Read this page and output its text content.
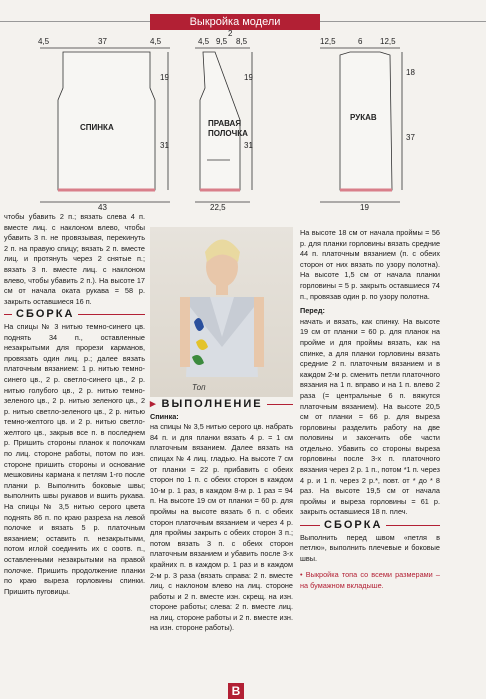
Выкройка модели
4,5	37	4,5
19
31
43
СПИНКА
2
4,5 9,5 8,5
19
31
22,5
ПРАВАЯ
ПОЛОЧКА
12,5	6 12,5
18
37
19
РУКАВ

чтобы убавить 2 п.; вязать слева 4 п. вместе лиц. с наклоном влево, чтобы убавить 3 п. не провязывая, перекинуть 2 п. на правую спицу; вязать 2 п. вместе лиц. и протянуть через 2 снятые п.; вязать 3 п. вместе лиц. с наклоном влево, чтобы убавить 2 п.). На высоте 17 см от начала оката рукава = 58 р. закрыть оставшиеся 16 п.

СБОРКА

На спицы № 3 нитью темно-синего цв. поднять 34 п., оставленные незакрытыми для прорези карманов, провязать один лиц. р.; далее вязать платочным вязанием: 1 р. нитью темно-синего цв., 2 р. светло-синего цв., 2 р. нитью голубого цв., 2 р. нитью темно-зеленого цв., 2 р. нитью зеленого цв., 2 р. нитью светло-зеленого цв., 2 р. нитью темно-желтого цв. и 2 р. нитью светло-желтого цв., закрыв все п. в последнем р. Пришить стороны планок к полочкам по лиц. стороне работы, потом по изн. стороне пришить стороны и основание мешковины кармана к петлям 1-го после планки р. Выполнить боковые швы; выполнить швы рукавов и вшить рукава. На спицы № 3,5 нитью серого цвета поднять 86 п. по краю разреза на левой полочке и вязать 5 р. платочным вязанием; оставить п. незакрытыми, потом иглой соединить их с соотв. п., оставленными незакрытыми на правой полочке. Пришить продолжение планки по краю выреза горловины спинки. Пришить пуговицы.

Топ
▸ ВЫПОЛНЕНИЕ

Спинка:

на спицы № 3,5 нитью серого цв. набрать 84 п. и для планки вязать 4 р. = 1 см платочным вязанием. Далее вязать на спицах № 4 лиц. гладью. На высоте 7 см от планки = 22 р. прибавить с обеих сторон по 1 п. с обеих сторон в каждом 10-м р. 1 раз, в каждом 8-м р. 1 раз = 94 п. На высоте 19 см от планки = 60 р. для проймы на высоте вязать 6 п. с обеих сторон платочным вязанием и через 4 р. для проймы закрыть с обеих сторон 3 п.; потом вязать 3 п. с обеих сторон платочным вязанием и убавить после 3-х крайних п. в каждом р. 1 раз и в каждом 2-м р. 3 раза (вязать справа: 2 п. вместе лиц. с наклоном влево на лиц. стороне работы и 2 п. вместе изн. скрещ. на изн. стороне работы; слева: 2 п. вместе лиц. на лиц. стороне работы и 2 п. вместе изн. на изн. стороне работы).

На высоте 18 см от начала проймы = 56 р. для планки горловины вязать средние 44 п. платочным вязанием (п. с обеих сторон от них вязать по узору полотна). На высоте 1,5 см от начала планки горловины = 5 р. закрыть оставшиеся 74 п., провязав один р. по узору полотна.

Перед:

начать и вязать, как спинку. На высоте 19 см от планки = 60 р. для планок на пройме и для проймы вязать, как на спинке, а для планки горловины вязать средние 2 п. платочным вязанием и в каждом 2-м р. сменить петли платочного вязания на 1 п. вправо и на 1 п. влево 2 раза (= центральные 6 п. вяжутся платочным вязанием). На высоте 20,5 см от планки = 66 р. для выреза горловины разделить работу на две половины и закончить обе части отдельно. Убавить со стороны выреза горловины после 3-х п. платочного вязания через 2 р. 1 п., потом *1 п. через 4 р. и 1 п. через 2 р.*, повт. от * до * 8 раз. На высоте 19,5 см от начала проймы и выреза горловины = 61 р. закрыть оставшиеся 18 п. плеч.

СБОРКА

Выполнить перед швом «петля в петлю», выполнить плечевые и боковые швы.

• Выкройка топа со всеми размерами – на бумажном вкладыше.

В
